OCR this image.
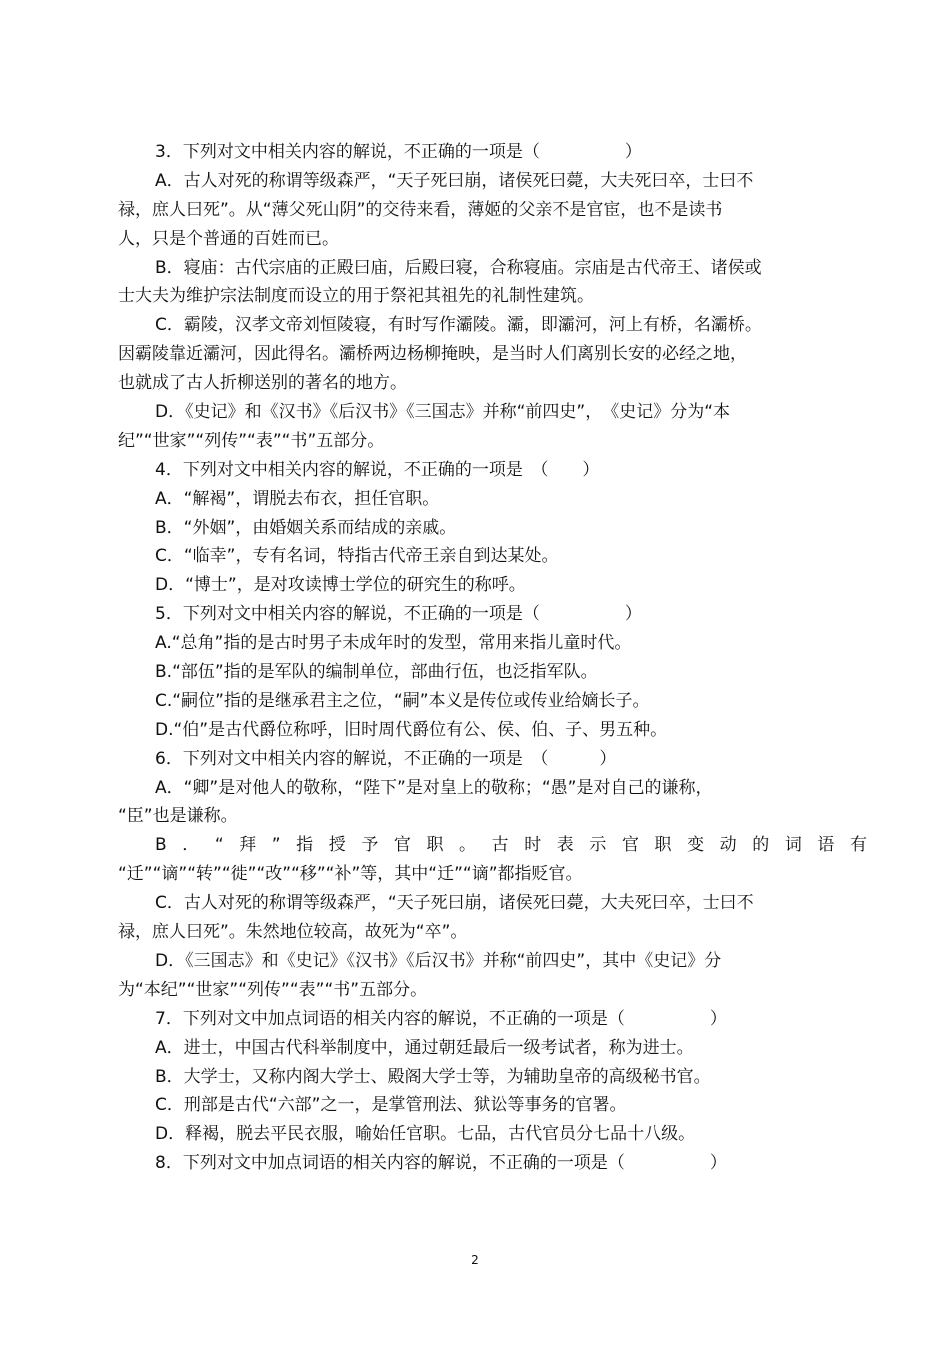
3．下列对文中相关内容的解说，不正确的一项是（　　　　　）
A．古人对死的称谓等级森严，“天子死曰崩，诸侯死曰薨，大夫死曰卒，士曰不
禄，庶人曰死”。从“薄父死山阴”的交待来看，薄姬的父亲不是官宦，也不是读书
人，只是个普通的百姓而已。
B．寝庙：古代宗庙的正殿曰庙，后殿曰寝，合称寝庙。宗庙是古代帝王、诸侯或
士大夫为维护宗法制度而设立的用于祭祀其祖先的礼制性建筑。
C．霸陵，汉孝文帝刘恒陵寝，有时写作灞陵。灞，即灞河，河上有桥，名灞桥。
因霸陵靠近灞河，因此得名。灞桥两边杨柳掩映，是当时人们离别长安的必经之地，
也就成了古人折柳送别的著名的地方。
D．《史记》和《汉书》《后汉书》《三国志》并称“前四史”，　《史记》分为“本
纪”“世家”“列传”“表”“书”五部分。
4．下列对文中相关内容的解说，不正确的一项是　（　　）
A．“解褐”，谓脱去布衣，担任官职。
B．“外姻”，由婚姻关系而结成的亲戚。
C．“临幸”，专有名词，特指古代帝王亲自到达某处。
D．“博士”，是对攻读博士学位的研究生的称呼。
5．下列对文中相关内容的解说，不正确的一项是（　　　　　）
A.“总角”指的是古时男子未成年时的发型，常用来指儿童时代。
B.“部伍”指的是军队的编制单位，部曲行伍，也泛指军队。
C.“嗣位”指的是继承君主之位，“嗣”本义是传位或传业给嫡长子。
D.“伯”是古代爵位称呼，旧时周代爵位有公、侯、伯、子、男五种。
6．下列对文中相关内容的解说，不正确的一项是　（　　　）
A．“卿”是对他人的敬称，“陛下”是对皇上的敬称；“愚”是对自己的谦称，
“臣”也是谦称。
B．“拜”指授予官职。古时表示官职变动的词语有
“迁”“谪”“转”“徙”“改”“移”“补”等，其中“迁”“谪”都指贬官。
C．古人对死的称谓等级森严，“天子死曰崩，诸侯死曰薨，大夫死曰卒，士曰不
禄，庶人曰死”。朱然地位较高，故死为“卒”。
D．《三国志》和《史记》《汉书》《后汉书》并称“前四史”，其中《史记》分
为“本纪”“世家”“列传”“表”“书”五部分。
7．下列对文中加点词语的相关内容的解说，不正确的一项是（　　　　　）
A．进士，中国古代科举制度中，通过朝廷最后一级考试者，称为进士。
B．大学士，又称内阁大学士、殿阁大学士等，为辅助皇帝的高级秘书官。
C．刑部是古代“六部”之一，是掌管刑法、狱讼等事务的官署。
D．释褐，脱去平民衣服，喻始任官职。七品，古代官员分七品十八级。
8．下列对文中加点词语的相关内容的解说，不正确的一项是（　　　　　）
2
